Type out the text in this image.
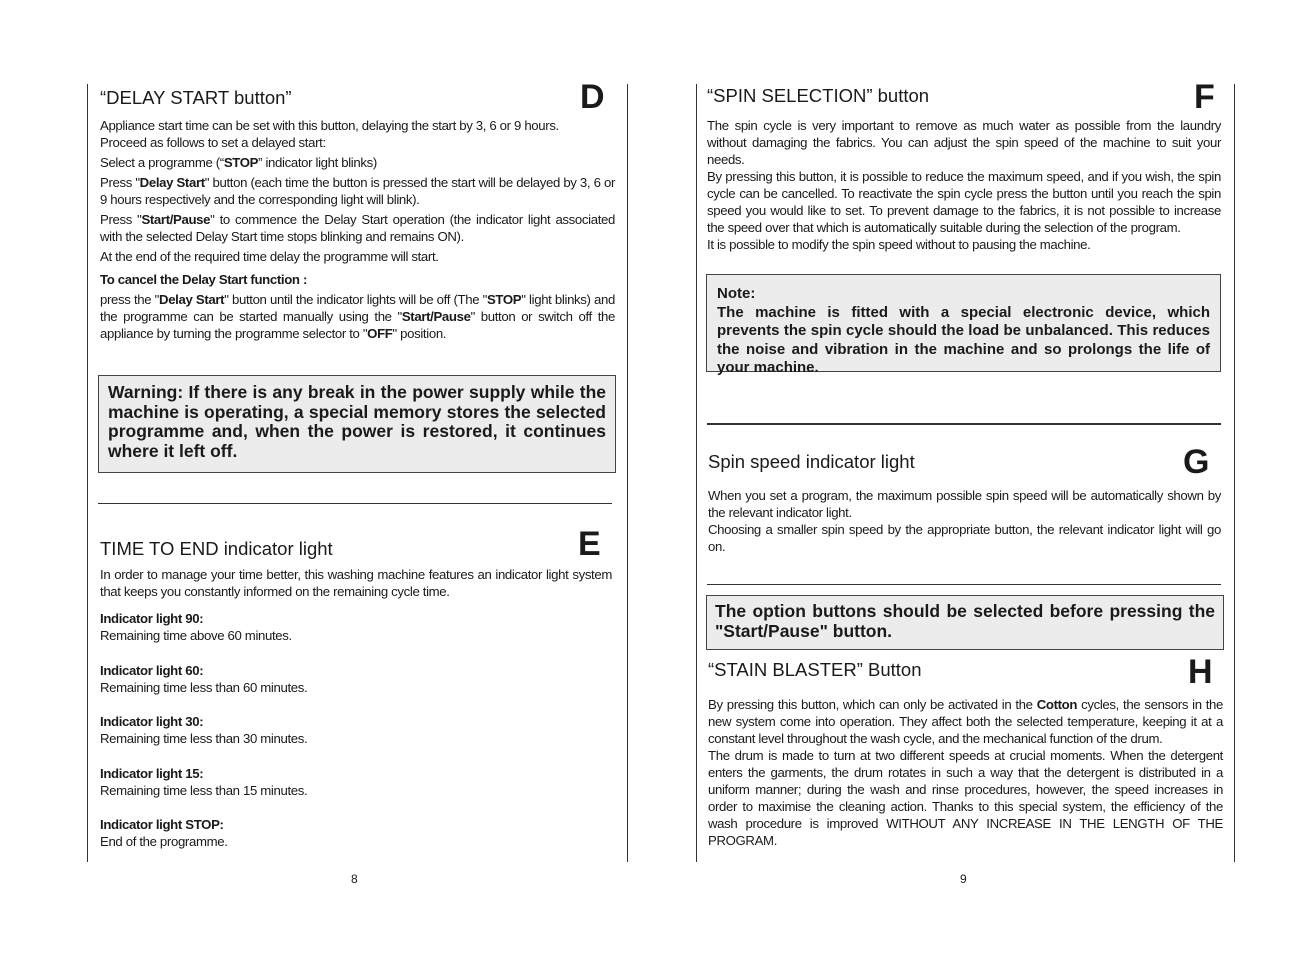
“DELAY START button”	D

Appliance start time can be set with this button, delaying the start by 3, 6 or 9 hours.

Proceed as follows to set a delayed start:

Select a programme (“STOP” indicator light blinks)

Press "Delay Start" button (each time the button is pressed the start will be delayed by 3, 6 or 9 hours respectively and the corresponding light will blink).

Press "Start/Pause" to commence the Delay Start operation (the indicator light associated with the selected Delay Start time stops blinking and remains ON).

At the end of the required time delay the programme will start.

To cancel the Delay Start function :

press the "Delay Start" button until the indicator lights will be off (The "STOP" light blinks) and the programme can be started manually using the "Start/Pause" button or switch off the appliance by turning the programme selector to "OFF" position.

Warning: If there is any break in the power supply while the machine is operating, a special memory stores the selected programme and, when the power is restored, it continues where it left off.

TIME TO END indicator light	E

In order to manage your time better, this washing machine features an indicator light system that keeps you constantly informed on the remaining cycle time.

Indicator light 90:
Remaining time above 60 minutes.
Indicator light 60:
Remaining time less than 60 minutes.
Indicator light 30:
Remaining time less than 30 minutes.
Indicator light 15:
Remaining time less than 15 minutes.
Indicator light STOP:
End of the programme.
8
“SPIN SELECTION” button	F

The spin cycle is very important to remove as much water as possible from the laundry without damaging the fabrics. You can adjust the spin speed of the machine to suit your needs.

By pressing this button, it is possible to reduce the maximum speed, and if you wish, the spin cycle can be cancelled. To reactivate the spin cycle press the button until you reach the spin speed you would like to set. To prevent damage to the fabrics, it is not possible to increase the speed over that which is automatically suitable during the selection of the program.

It is possible to modify the spin speed without to pausing the machine.

Note:

The machine is fitted with a special electronic device, which prevents the spin cycle should the load be unbalanced. This reduces the noise and vibration in the machine and so prolongs the life of your machine.

Spin speed indicator light	G

When you set a program, the maximum possible spin speed will be automatically shown by the relevant indicator light.

Choosing a smaller spin speed by the appropriate button, the relevant indicator light will go on.

The option buttons should be selected before pressing the "Start/Pause" button.

“STAIN BLASTER” Button	H

By pressing this button, which can only be activated in the Cotton cycles, the sensors in the new system come into operation. They affect both the selected temperature, keeping it at a constant level throughout the wash cycle, and the mechanical function of the drum.

The drum is made to turn at two different speeds at crucial moments. When the detergent enters the garments, the drum rotates in such a way that the detergent is distributed in a uniform manner; during the wash and rinse procedures, however, the speed increases in order to maximise the cleaning action. Thanks to this special system, the efficiency of the wash procedure is improved WITHOUT ANY INCREASE IN THE LENGTH OF THE PROGRAM.

9
